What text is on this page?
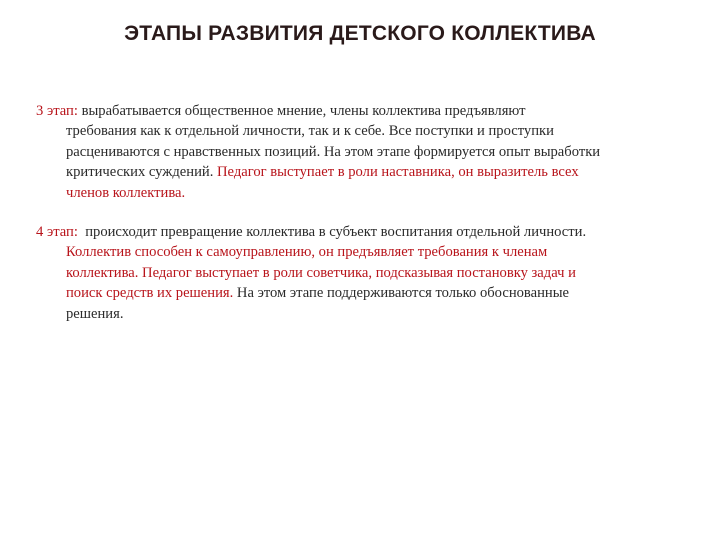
ЭТАПЫ РАЗВИТИЯ ДЕТСКОГО КОЛЛЕКТИВА
3 этап: вырабатывается общественное мнение, члены коллектива предъявляют
требования как к отдельной личности, так и к себе. Все поступки и проступки
расцениваются с нравственных позиций. На этом этапе формируется опыт выработки
критических суждений. Педагог выступает в роли наставника, он выразитель всех
членов коллектива.
4 этап: происходит превращение коллектива в субъект воспитания отдельной личности.
Коллектив способен к самоуправлению, он предъявляет требования к членам
коллектива. Педагог выступает в роли советчика, подсказывая постановку задач и
поиск средств их решения. На этом этапе поддерживаются только обоснованные
решения.
